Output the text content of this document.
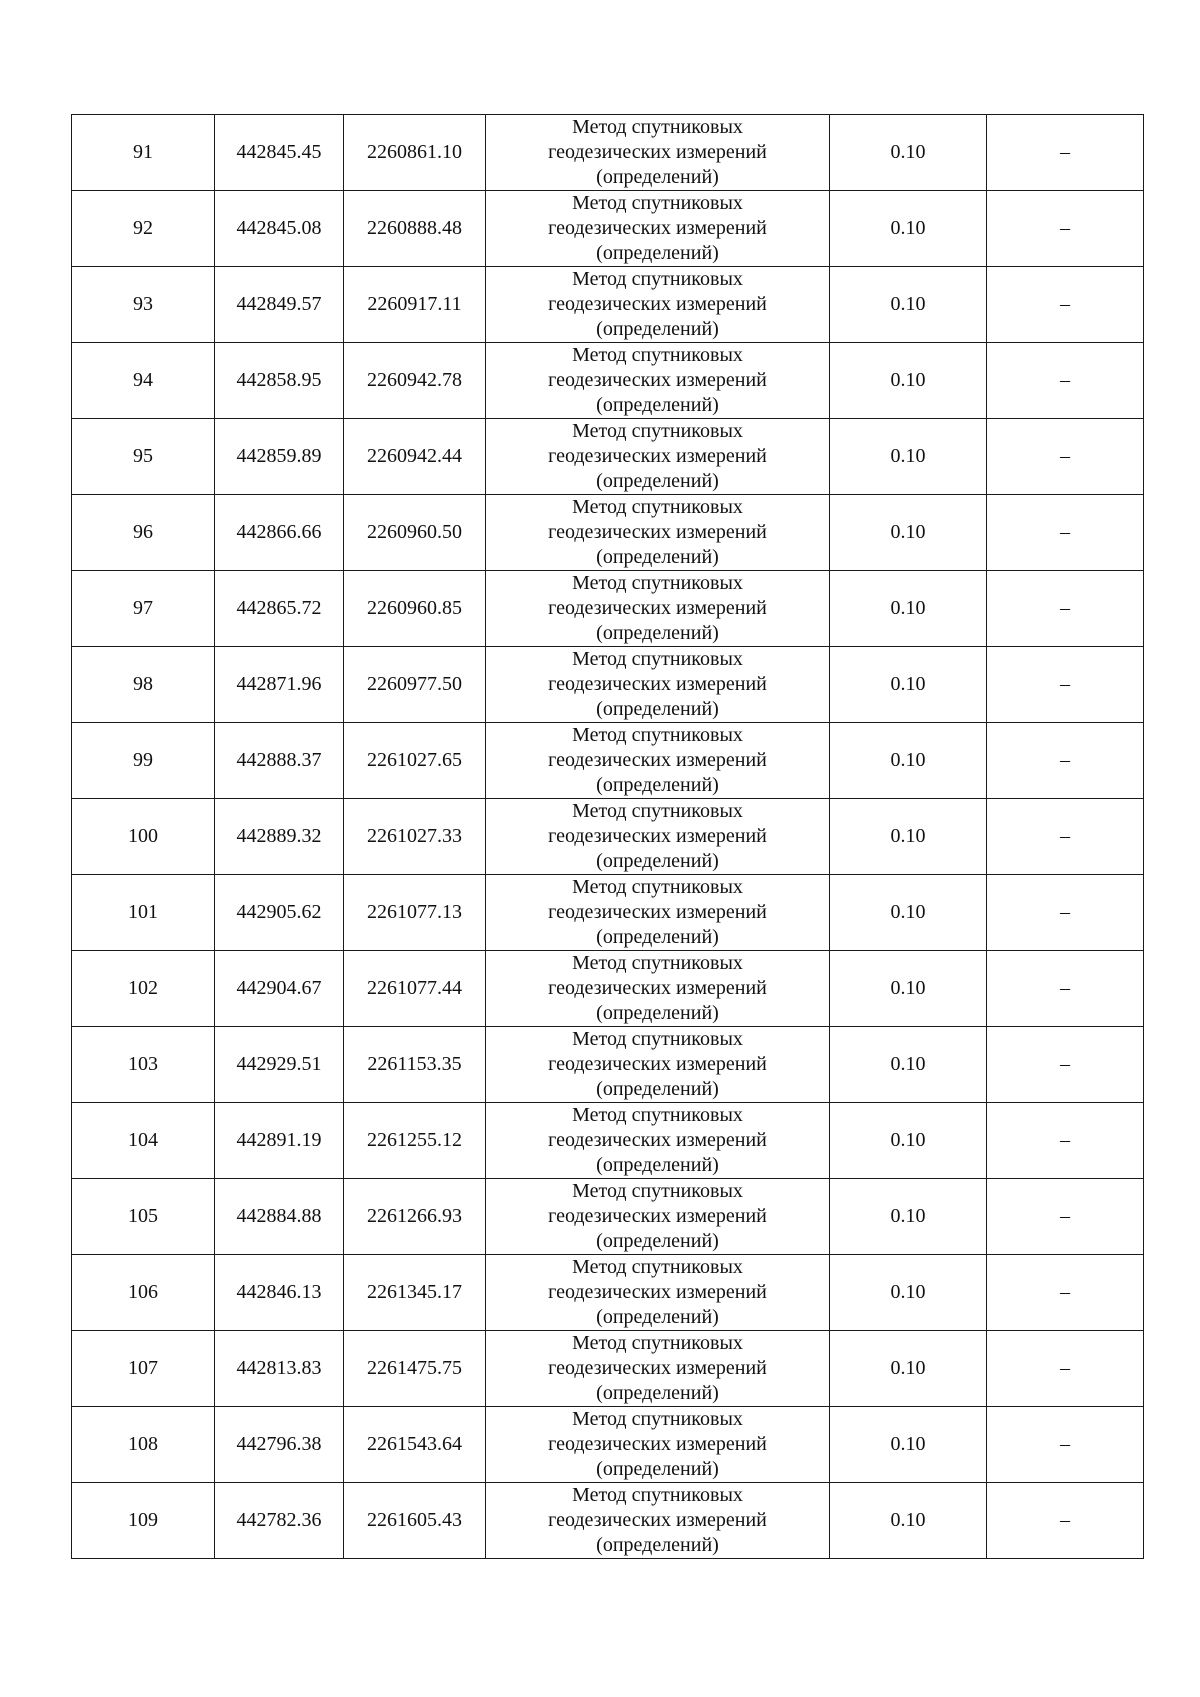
91	442845.45	2260861.10	Метод спутниковых геодезических измерений (определений)	0.10	–
92	442845.08	2260888.48	Метод спутниковых геодезических измерений (определений)	0.10	–
93	442849.57	2260917.11	Метод спутниковых геодезических измерений (определений)	0.10	–
94	442858.95	2260942.78	Метод спутниковых геодезических измерений (определений)	0.10	–
95	442859.89	2260942.44	Метод спутниковых геодезических измерений (определений)	0.10	–
96	442866.66	2260960.50	Метод спутниковых геодезических измерений (определений)	0.10	–
97	442865.72	2260960.85	Метод спутниковых геодезических измерений (определений)	0.10	–
98	442871.96	2260977.50	Метод спутниковых геодезических измерений (определений)	0.10	–
99	442888.37	2261027.65	Метод спутниковых геодезических измерений (определений)	0.10	–
100	442889.32	2261027.33	Метод спутниковых геодезических измерений (определений)	0.10	–
101	442905.62	2261077.13	Метод спутниковых геодезических измерений (определений)	0.10	–
102	442904.67	2261077.44	Метод спутниковых геодезических измерений (определений)	0.10	–
103	442929.51	2261153.35	Метод спутниковых геодезических измерений (определений)	0.10	–
104	442891.19	2261255.12	Метод спутниковых геодезических измерений (определений)	0.10	–
105	442884.88	2261266.93	Метод спутниковых геодезических измерений (определений)	0.10	–
106	442846.13	2261345.17	Метод спутниковых геодезических измерений (определений)	0.10	–
107	442813.83	2261475.75	Метод спутниковых геодезических измерений (определений)	0.10	–
108	442796.38	2261543.64	Метод спутниковых геодезических измерений (определений)	0.10	–
109	442782.36	2261605.43	Метод спутниковых геодезических измерений (определений)	0.10	–
